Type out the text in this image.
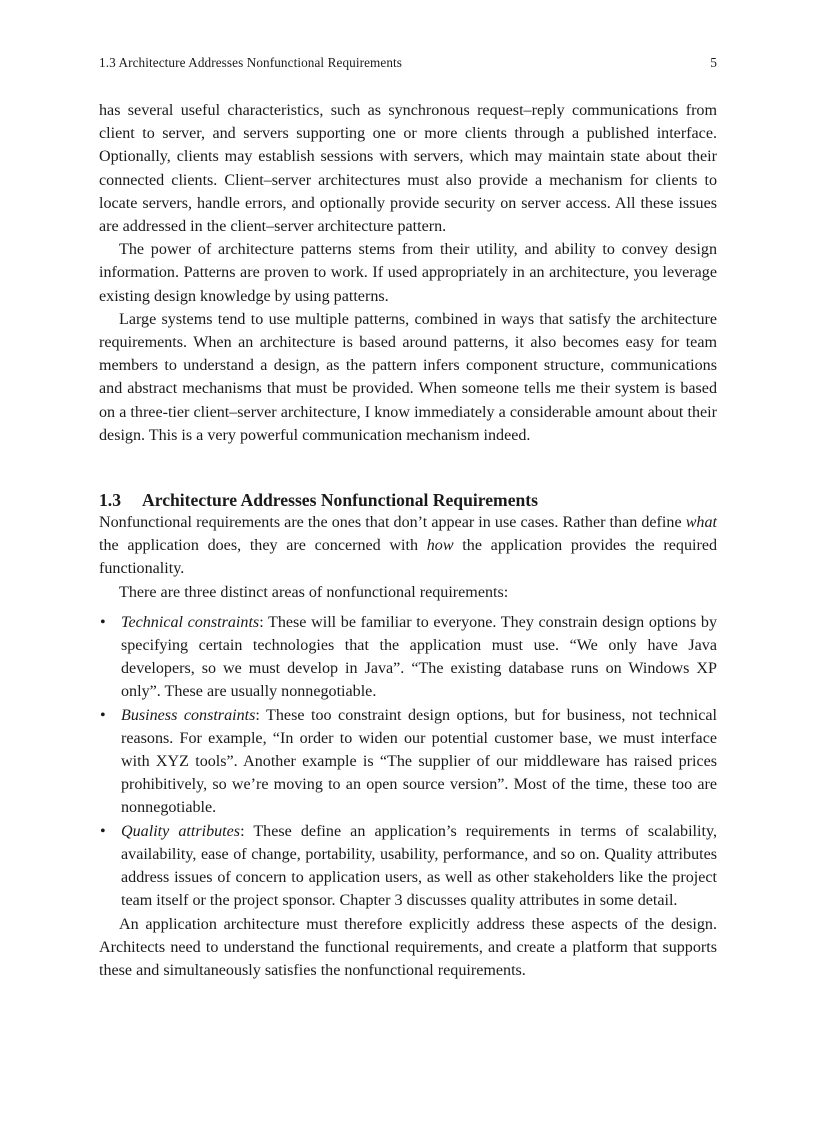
1.3 Architecture Addresses Nonfunctional Requirements	5

has several useful characteristics, such as synchronous request–reply communications from client to server, and servers supporting one or more clients through a published interface. Optionally, clients may establish sessions with servers, which may maintain state about their connected clients. Client–server architectures must also provide a mechanism for clients to locate servers, handle errors, and optionally provide security on server access. All these issues are addressed in the client–server architecture pattern.

The power of architecture patterns stems from their utility, and ability to convey design information. Patterns are proven to work. If used appropriately in an architecture, you leverage existing design knowledge by using patterns.

Large systems tend to use multiple patterns, combined in ways that satisfy the architecture requirements. When an architecture is based around patterns, it also becomes easy for team members to understand a design, as the pattern infers component structure, communications and abstract mechanisms that must be provided. When someone tells me their system is based on a three-tier client–server architecture, I know immediately a considerable amount about their design. This is a very powerful communication mechanism indeed.

1.3	Architecture Addresses Nonfunctional Requirements

Nonfunctional requirements are the ones that don’t appear in use cases. Rather than define what the application does, they are concerned with how the application provides the required functionality.

There are three distinct areas of nonfunctional requirements:

• Technical constraints: These will be familiar to everyone. They constrain design options by specifying certain technologies that the application must use. “We only have Java developers, so we must develop in Java”. “The existing database runs on Windows XP only”. These are usually nonnegotiable.
• Business constraints: These too constraint design options, but for business, not technical reasons. For example, “In order to widen our potential customer base, we must interface with XYZ tools”. Another example is “The supplier of our middleware has raised prices prohibitively, so we’re moving to an open source version”. Most of the time, these too are nonnegotiable.
• Quality attributes: These define an application’s requirements in terms of scalability, availability, ease of change, portability, usability, performance, and so on. Quality attributes address issues of concern to application users, as well as other stakeholders like the project team itself or the project sponsor. Chapter 3 discusses quality attributes in some detail.

An application architecture must therefore explicitly address these aspects of the design. Architects need to understand the functional requirements, and create a platform that supports these and simultaneously satisfies the nonfunctional requirements.
